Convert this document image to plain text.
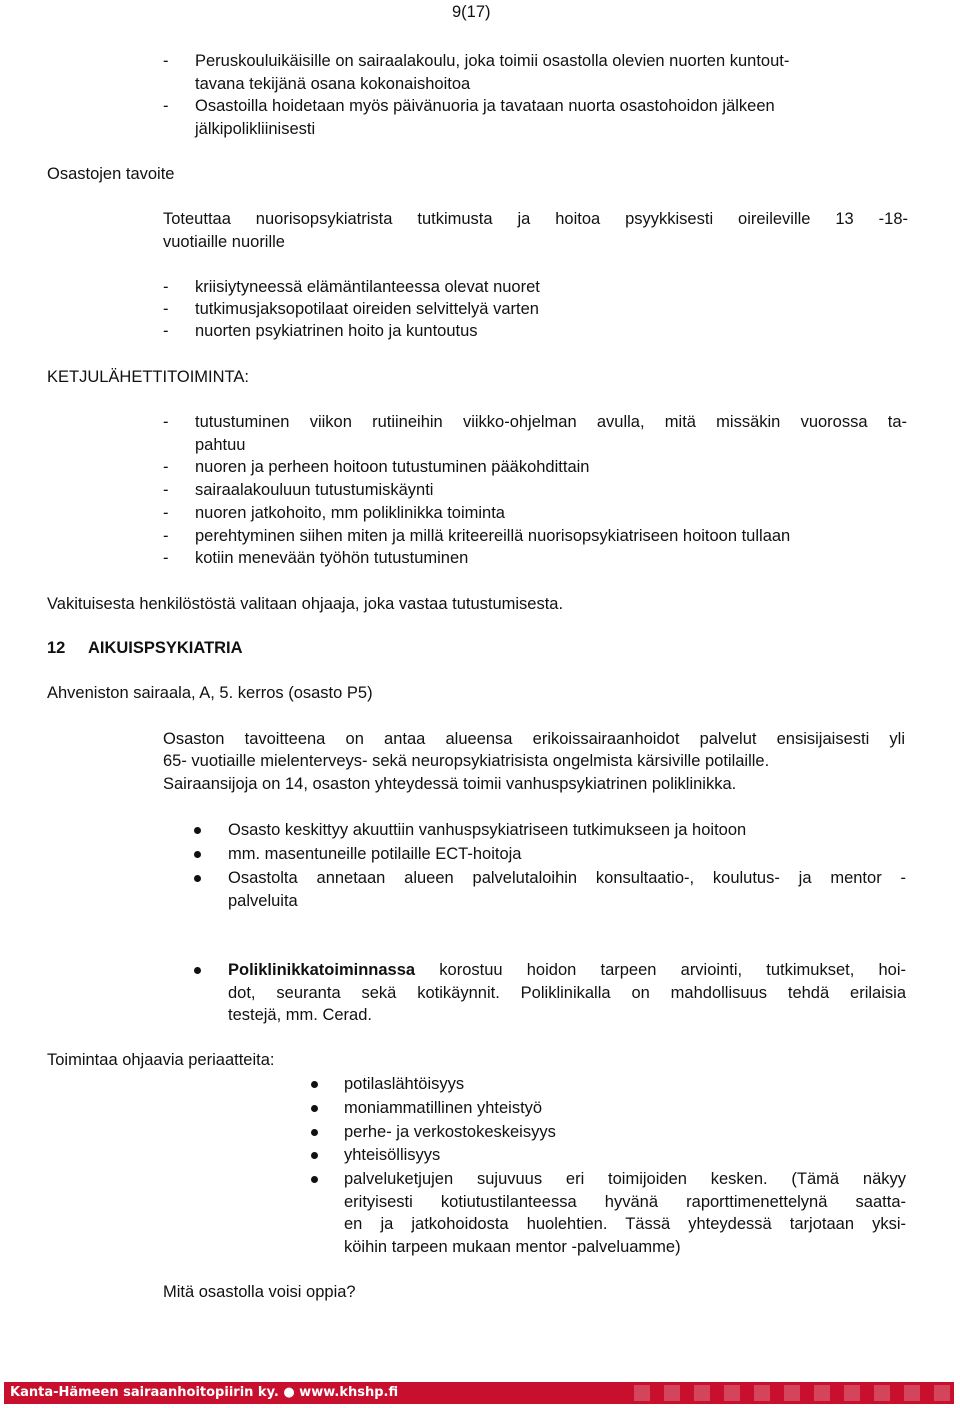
9(17)
- Peruskouluikäisille on sairaalakoulu, joka toimii osastolla olevien nuorten kuntout-
tavana tekijänä osana kokonaishoitoa
- Osastoilla hoidetaan myös päivänuoria ja tavataan nuorta osastohoidon jälkeen
jälkipolikliinisesti
Osastojen tavoite
Toteuttaa nuorisopsykiatrista tutkimusta ja hoitoa psyykkisesti oireileville 13 -18-
vuotiaille nuorille
- kriisiytyneessä elämäntilanteessa olevat nuoret
- tutkimusjaksopotilaat oireiden selvittelyä varten
- nuorten psykiatrinen hoito ja kuntoutus
KETJULÄHETTITOIMINTA:
- tutustuminen viikon rutiineihin viikko-ohjelman avulla, mitä missäkin vuorossa ta-
pahtuu
- nuoren ja perheen hoitoon tutustuminen pääkohdittain
- sairaalakouluun tutustumiskäynti
- nuoren jatkohoito, mm poliklinikka toiminta
- perehtyminen siihen miten ja millä kriteereillä nuorisopsykiatriseen hoitoon tullaan
- kotiin menevään työhön tutustuminen
Vakituisesta henkilöstöstä valitaan ohjaaja, joka vastaa tutustumisesta.
12 AIKUISPSYKIATRIA
Ahveniston sairaala, A, 5. kerros (osasto P5)
Osaston tavoitteena on antaa alueensa erikoissairaanhoidot palvelut ensisijaisesti yli
65- vuotiaille mielenterveys- sekä neuropsykiatrisista ongelmista kärsiville potilaille.
Sairaansijoja on 14, osaston yhteydessä toimii vanhuspsykiatrinen poliklinikka.
Osasto keskittyy akuuttiin vanhuspsykiatriseen tutkimukseen ja hoitoon
mm. masentuneille potilaille ECT-hoitoja
Osastolta annetaan alueen palvelutaloihin konsultaatio-, koulutus- ja mentor -
palveluita
Poliklinikkatoiminnassa korostuu hoidon tarpeen arviointi, tutkimukset, hoi-
dot, seuranta sekä kotikäynnit. Poliklinikalla on mahdollisuus tehdä erilaisia
testejä, mm. Cerad.
Toimintaa ohjaavia periaatteita:
potilaslähtöisyys
moniammatillinen yhteistyö
perhe- ja verkostokeskeisyys
yhteisöllisyys
palveluketjujen sujuvuus eri toimijoiden kesken. (Tämä näkyy
erityisesti kotiutustilanteessa hyvänä raporttimenettelynä saatta-
en ja jatkohoidosta huolehtien. Tässä yhteydessä tarjotaan yksi-
köihin tarpeen mukaan mentor -palveluamme)
Mitä osastolla voisi oppia?
Kanta-Hämeen sairaanhoitopiirin ky. ● www.khshp.fi
